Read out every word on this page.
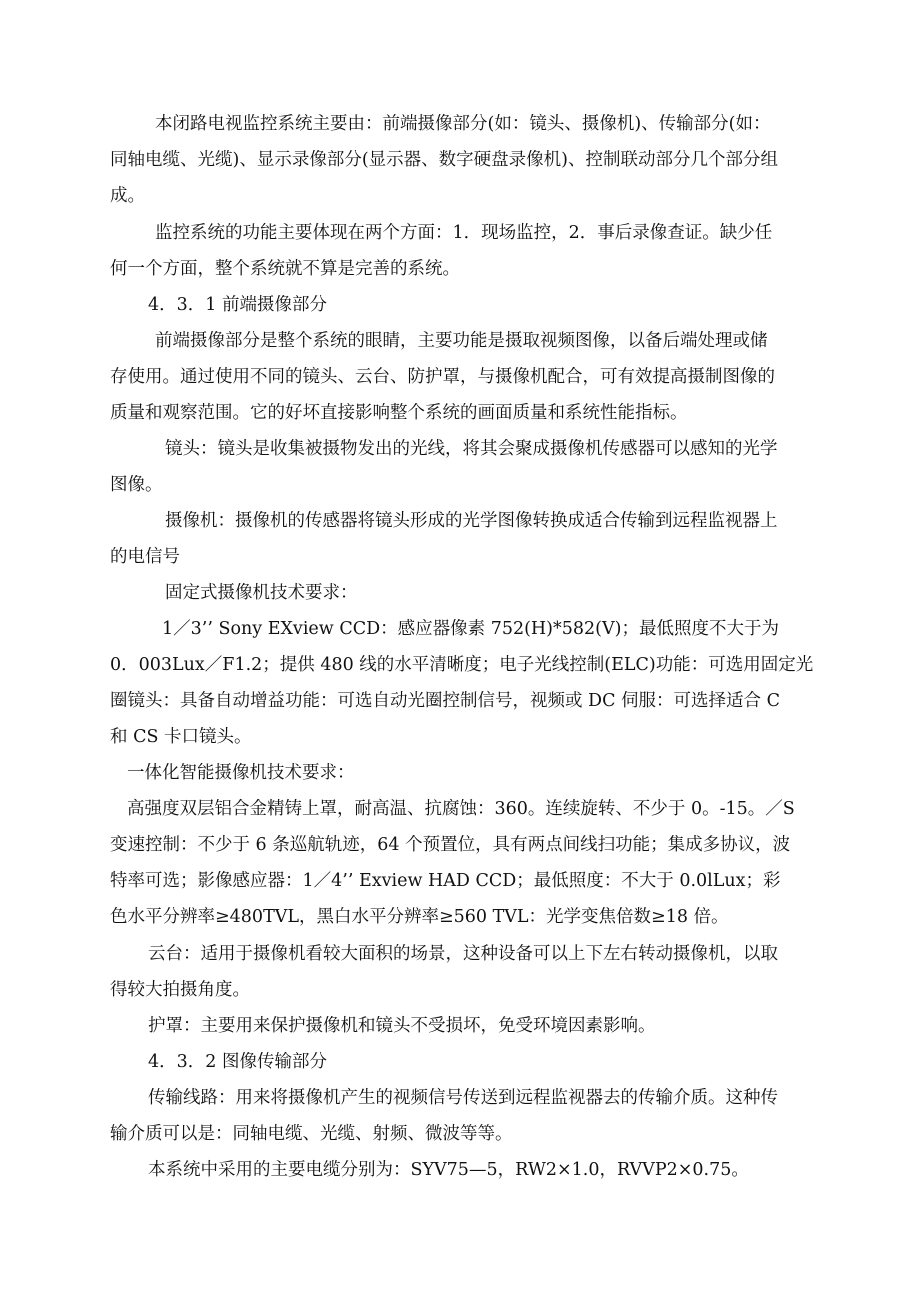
本闭路电视监控系统主要由：前端摄像部分(如：镜头、摄像机)、传输部分(如：
同轴电缆、光缆)、显示录像部分(显示器、数字硬盘录像机)、控制联动部分几个部分组
成。
监控系统的功能主要体现在两个方面：1．现场监控，2．事后录像查证。缺少任
何一个方面，整个系统就不算是完善的系统。
4．3．1 前端摄像部分
前端摄像部分是整个系统的眼睛，主要功能是摄取视频图像，以备后端处理或储
存使用。通过使用不同的镜头、云台、防护罩，与摄像机配合，可有效提高摄制图像的
质量和观察范围。它的好坏直接影响整个系统的画面质量和系统性能指标。
镜头：镜头是收集被摄物发出的光线，将其会聚成摄像机传感器可以感知的光学
图像。
摄像机：摄像机的传感器将镜头形成的光学图像转换成适合传输到远程监视器上
的电信号
固定式摄像机技术要求：
1／3’’ Sony EXview CCD：感应器像素 752(H)*582(V)；最低照度不大于为
0．003Lux／F1.2；提供 480 线的水平清晰度；电子光线控制(ELC)功能：可选用固定光
圈镜头：具备自动增益功能：可选自动光圈控制信号，视频或 DC 伺服：可选择适合 C
和 CS 卡口镜头。
一体化智能摄像机技术要求：
高强度双层铝合金精铸上罩，耐高温、抗腐蚀：360。连续旋转、不少于 0。-15。／S
变速控制：不少于 6 条巡航轨迹，64 个预置位，具有两点间线扫功能；集成多协议，波
特率可选；影像感应器：1／4’’ Exview HAD CCD；最低照度：不大于 0.0lLux；彩
色水平分辨率≥480TVL，黑白水平分辨率≥560 TVL：光学变焦倍数≥18 倍。
云台：适用于摄像机看较大面积的场景，这种设备可以上下左右转动摄像机，以取
得较大拍摄角度。
护罩：主要用来保护摄像机和镜头不受损坏，免受环境因素影响。
4．3．2 图像传输部分
传输线路：用来将摄像机产生的视频信号传送到远程监视器去的传输介质。这种传
输介质可以是：同轴电缆、光缆、射频、微波等等。
本系统中采用的主要电缆分别为：SYV75—5，RW2×1.0，RVVP2×0.75。
